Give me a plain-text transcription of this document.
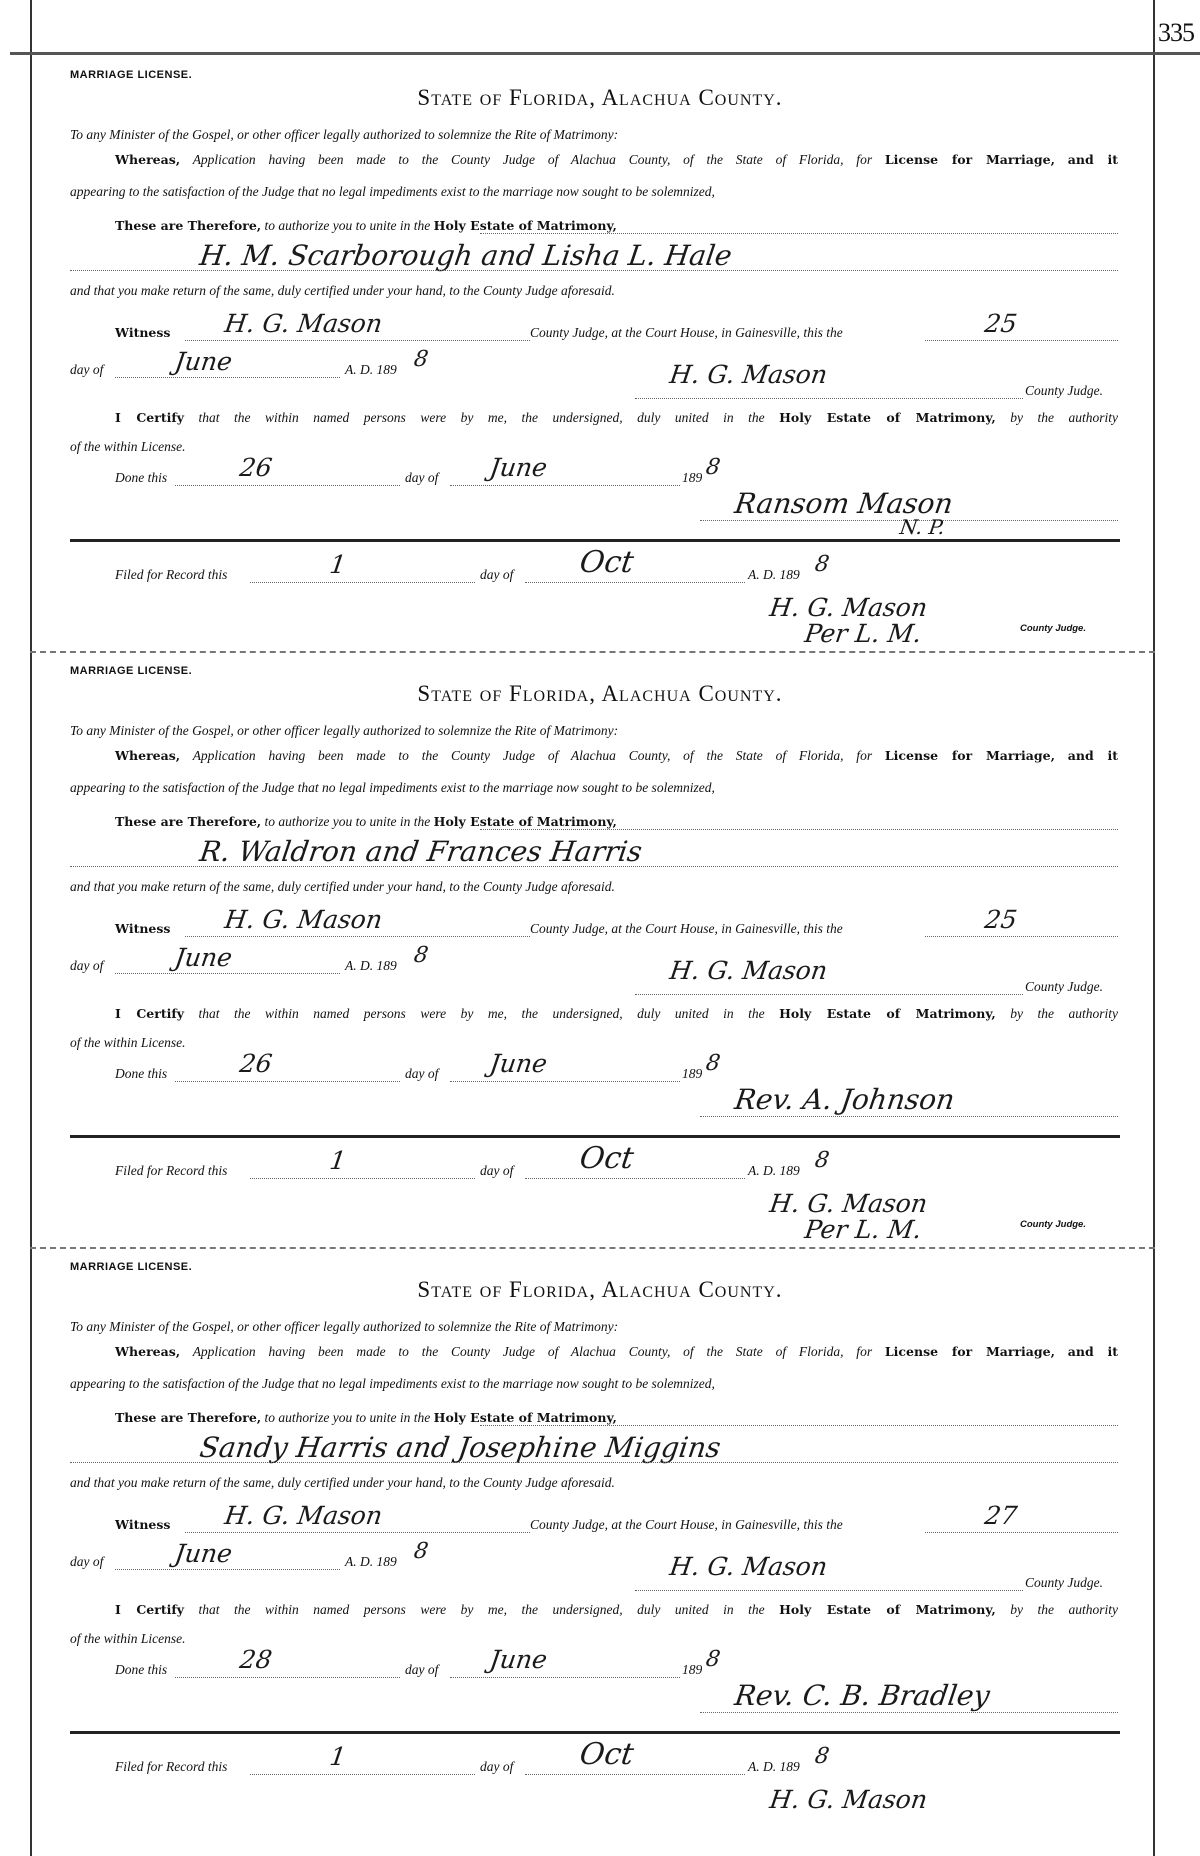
335
MARRIAGE LICENSE.
State of Florida, Alachua County.
To any Minister of the Gospel, or other officer legally authorized to solemnize the Rite of Matrimony:
Whereas, Application having been made to the County Judge of Alachua County, of the State of Florida, for License for Marriage, and it
appearing to the satisfaction of the Judge that no legal impediments exist to the marriage now sought to be solemnized,
These are Therefore, to authorize you to unite in the Holy Estate of Matrimony,
H. M. Scarborough and Lisha L. Hale
and that you make return of the same, duly certified under your hand, to the County Judge aforesaid.
Witness H. G. Mason	County Judge, at the Court House, in Gainesville, this the	25
day of	June	A. D. 189 8
H. G. Mason
County Judge.
I Certify that the within named persons were by me, the undersigned, duly united in the Holy Estate of Matrimony, by the authority
of the within License.
Done this	26	day of June	189 8
Ransom Mason
N. P.
Filed for Record this	1	day of Oct	A. D. 189 8
H. G. Mason
Per L. M.	County Judge.
MARRIAGE LICENSE.
State of Florida, Alachua County.
To any Minister of the Gospel, or other officer legally authorized to solemnize the Rite of Matrimony:
Whereas, Application having been made to the County Judge of Alachua County, of the State of Florida, for License for Marriage, and it
appearing to the satisfaction of the Judge that no legal impediments exist to the marriage now sought to be solemnized,
These are Therefore, to authorize you to unite in the Holy Estate of Matrimony,
R. Waldron and Frances Harris
and that you make return of the same, duly certified under your hand, to the County Judge aforesaid.
Witness H. G. Mason	County Judge, at the Court House, in Gainesville, this the	25
day of	June	A. D. 189 8
H. G. Mason
County Judge.
I Certify that the within named persons were by me, the undersigned, duly united in the Holy Estate of Matrimony, by the authority
of the within License.
Done this	26	day of June	189 8
Rev. A. Johnson
Filed for Record this	1	day of Oct	A. D. 189 8
H. G. Mason
Per L. M.	County Judge.
MARRIAGE LICENSE.
State of Florida, Alachua County.
To any Minister of the Gospel, or other officer legally authorized to solemnize the Rite of Matrimony:
Whereas, Application having been made to the County Judge of Alachua County, of the State of Florida, for License for Marriage, and it
appearing to the satisfaction of the Judge that no legal impediments exist to the marriage now sought to be solemnized,
These are Therefore, to authorize you to unite in the Holy Estate of Matrimony,
Sandy Harris and Josephine Miggins
and that you make return of the same, duly certified under your hand, to the County Judge aforesaid.
Witness H. G. Mason	County Judge, at the Court House, in Gainesville, this the	27
day of	June	A. D. 189 8
H. G. Mason
County Judge.
I Certify that the within named persons were by me, the undersigned, duly united in the Holy Estate of Matrimony, by the authority
of the within License.
Done this	28	day of June	189 8
Rev. C. B. Bradley
Filed for Record this	1	day of Oct	A. D. 189 8
H. G. Mason
